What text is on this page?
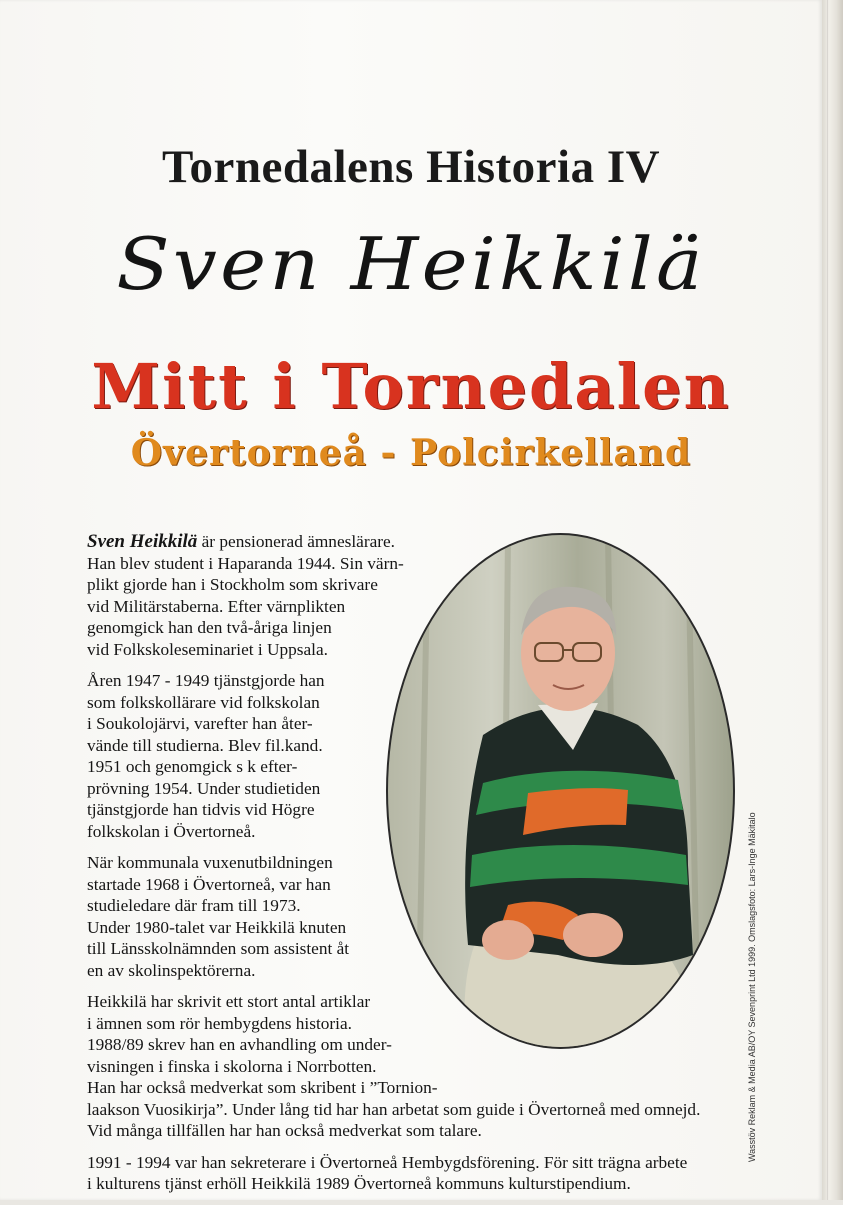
Tornedalens Historia IV
Sven Heikkilä
Mitt i Tornedalen
Övertorneå - Polcirkelland

Sven Heikkilä är pensionerad ämneslärare.
Han blev student i Haparanda 1944. Sin värn-
plikt gjorde han i Stockholm som skrivare
vid Militärstaberna. Efter värnplikten
genomgick han den två-åriga linjen
vid Folkskoleseminariet i Uppsala.

Åren 1947 - 1949 tjänstgjorde han
som folkskollärare vid folkskolan
i Soukolojärvi, varefter han åter-
vände till studierna. Blev fil.kand.
1951 och genomgick s k efter-
prövning 1954. Under studietiden
tjänstgjorde han tidvis vid Högre
folkskolan i Övertorneå.

När kommunala vuxenutbildningen
startade 1968 i Övertorneå, var han
studieledare där fram till 1973.
Under 1980-talet var Heikkilä knuten
till Länsskolnämnden som assistent åt
en av skolinspektörerna.

Heikkilä har skrivit ett stort antal artiklar
i ämnen som rör hembygdens historia.
1988/89 skrev han en avhandling om under-
visningen i finska i skolorna i Norrbotten.
Han har också medverkat som skribent i ”Tornion-
laakson Vuosikirja”. Under lång tid har han arbetat som guide i Övertorneå med omnejd.
Vid många tillfällen har han också medverkat som talare.

1991 - 1994 var han sekreterare i Övertorneå Hembygdsförening. För sitt trägna arbete
i kulturens tjänst erhöll Heikkilä 1989 Övertorneå kommuns kulturstipendium.

Wasstöv Reklam & Media AB/OY Sevenprint Ltd 1999. Omslagsfoto: Lars-Inge Mäkitalo
